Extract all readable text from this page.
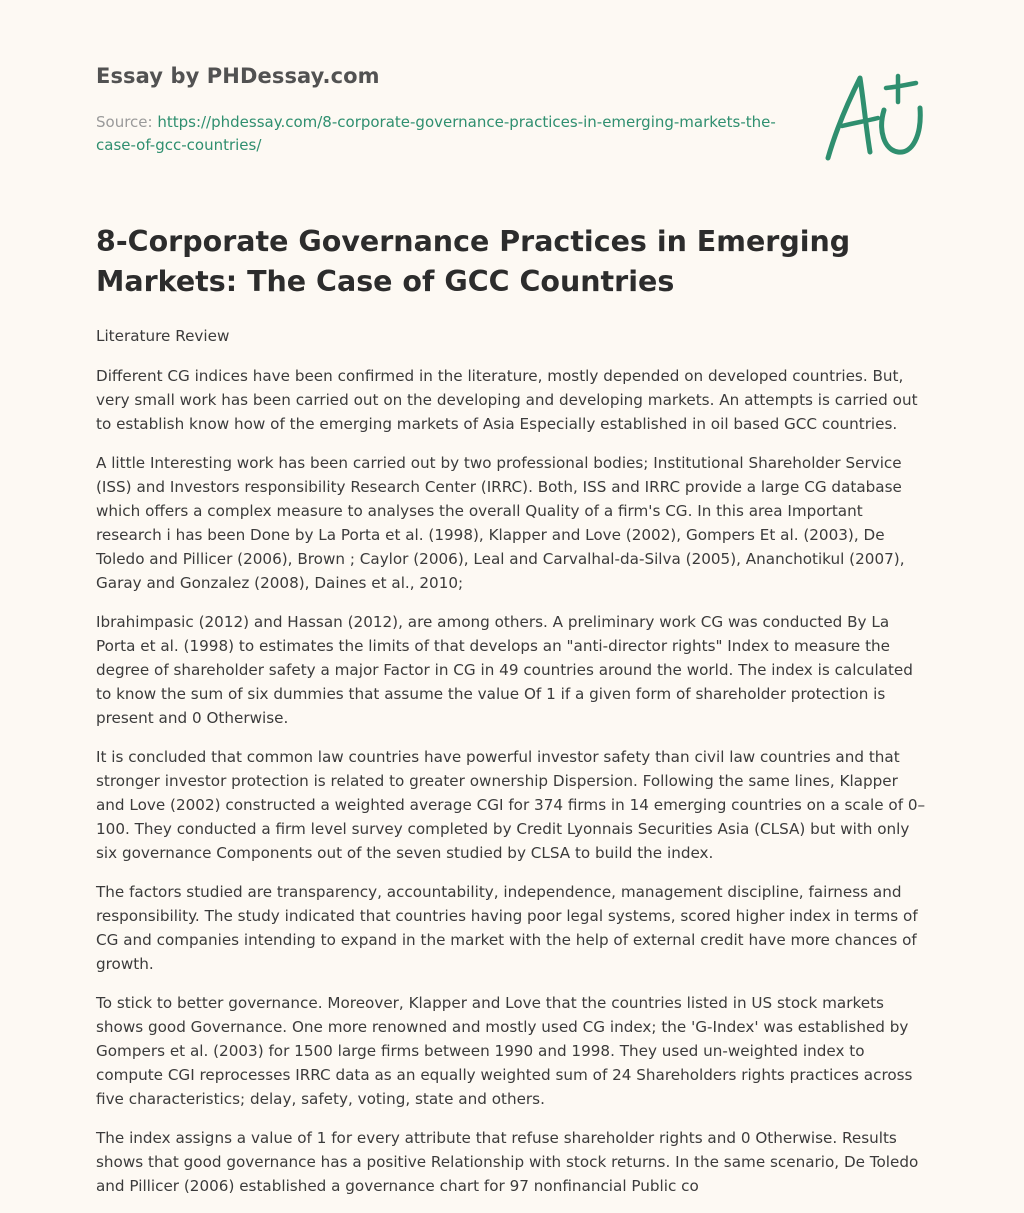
Essay by PHDessay.com
Source: https://phdessay.com/8-corporate-governance-practices-in-emerging-markets-the-case-of-gcc-countries/
8-Corporate Governance Practices in Emerging Markets: The Case of GCC Countries

Literature Review

Different CG indices have been confirmed in the literature, mostly depended on developed countries. But, very small work has been carried out on the developing and developing markets. An attempts is carried out to establish know how of the emerging markets of Asia Especially established in oil based GCC countries.

A little Interesting work has been carried out by two professional bodies; Institutional Shareholder Service (ISS) and Investors responsibility Research Center (IRRC). Both, ISS and IRRC provide a large CG database which offers a complex measure to analyses the overall Quality of a firm's CG. In this area Important research i has been Done by La Porta et al. (1998), Klapper and Love (2002), Gompers Et al. (2003), De Toledo and Pillicer (2006), Brown ; Caylor (2006), Leal and Carvalhal-da-Silva (2005), Ananchotikul (2007), Garay and Gonzalez (2008), Daines et al., 2010;

Ibrahimpasic (2012) and Hassan (2012), are among others. A preliminary work CG was conducted By La Porta et al. (1998) to estimates the limits of that develops an "anti-director rights" Index to measure the degree of shareholder safety a major Factor in CG in 49 countries around the world. The index is calculated to know the sum of six dummies that assume the value Of 1 if a given form of shareholder protection is present and 0 Otherwise.

It is concluded that common law countries have powerful investor safety than civil law countries and that stronger investor protection is related to greater ownership Dispersion. Following the same lines, Klapper and Love (2002) constructed a weighted average CGI for 374 firms in 14 emerging countries on a scale of 0–100. They conducted a firm level survey completed by Credit Lyonnais Securities Asia (CLSA) but with only six governance Components out of the seven studied by CLSA to build the index.

The factors studied are transparency, accountability, independence, management discipline, fairness and responsibility. The study indicated that countries having poor legal systems, scored higher index in terms of CG and companies intending to expand in the market with the help of external credit have more chances of growth.

To stick to better governance. Moreover, Klapper and Love that the countries listed in US stock markets shows good Governance. One more renowned and mostly used CG index; the 'G-Index' was established by Gompers et al. (2003) for 1500 large firms between 1990 and 1998. They used un-weighted index to compute CGI reprocesses IRRC data as an equally weighted sum of 24 Shareholders rights practices across five characteristics; delay, safety, voting, state and others.

The index assigns a value of 1 for every attribute that refuse shareholder rights and 0 Otherwise. Results shows that good governance has a positive Relationship with stock returns. In the same scenario, De Toledo and Pillicer (2006) established a governance chart for 97 nonfinancial Public co
